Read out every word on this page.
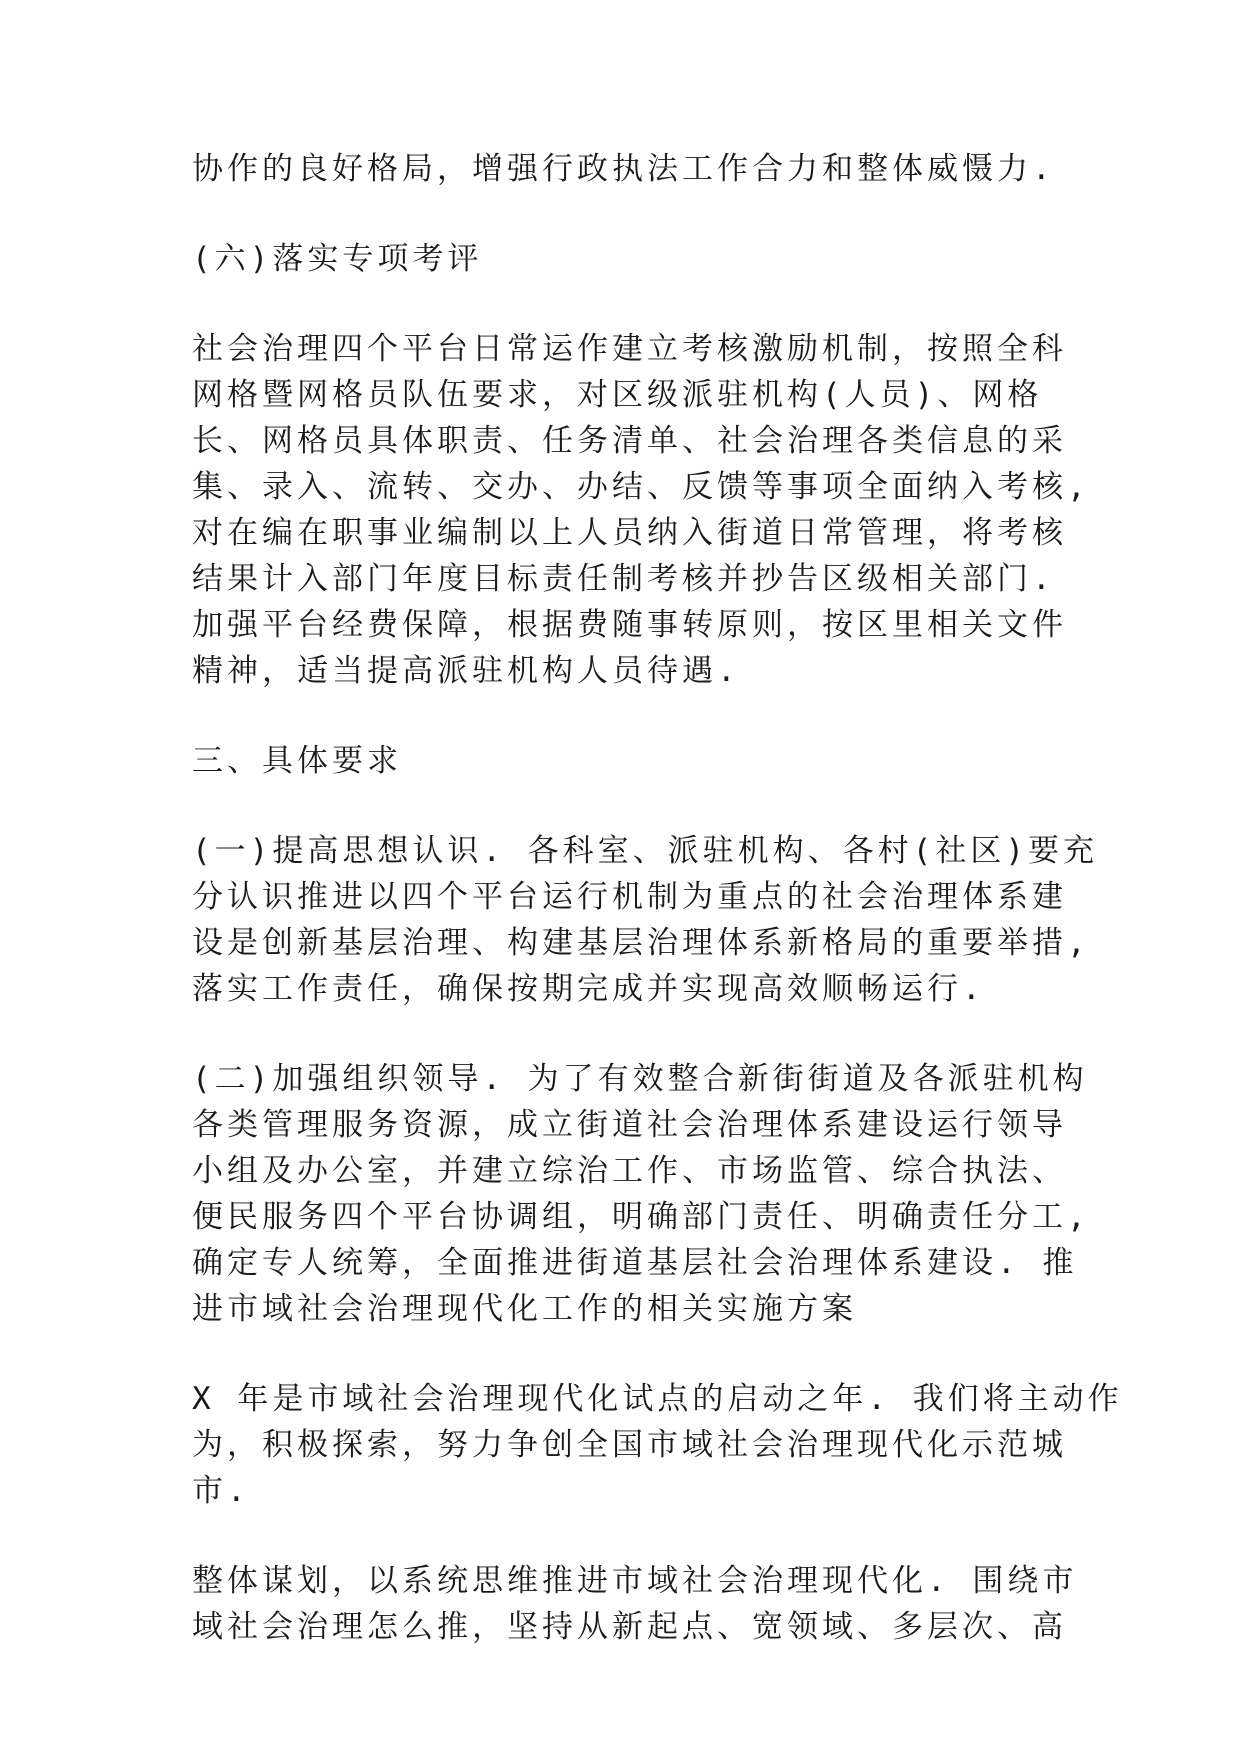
协作的良好格局，增强行政执法工作合力和整体威慑力.
(六)落实专项考评
社会治理四个平台日常运作建立考核激励机制，按照全科
网格暨网格员队伍要求，对区级派驻机构(人员)、网格
长、网格员具体职责、任务清单、社会治理各类信息的采
集、录入、流转、交办、办结、反馈等事项全面纳入考核,
对在编在职事业编制以上人员纳入街道日常管理，将考核
结果计入部门年度目标责任制考核并抄告区级相关部门.
加强平台经费保障，根据费随事转原则，按区里相关文件
精神，适当提高派驻机构人员待遇.
三、具体要求
(一)提高思想认识. 各科室、派驻机构、各村(社区)要充
分认识推进以四个平台运行机制为重点的社会治理体系建
设是创新基层治理、构建基层治理体系新格局的重要举措,
落实工作责任，确保按期完成并实现高效顺畅运行.
(二)加强组织领导. 为了有效整合新街街道及各派驻机构
各类管理服务资源，成立街道社会治理体系建设运行领导
小组及办公室，并建立综治工作、市场监管、综合执法、
便民服务四个平台协调组，明确部门责任、明确责任分工,
确定专人统筹，全面推进街道基层社会治理体系建设. 推
进市域社会治理现代化工作的相关实施方案
X 年是市域社会治理现代化试点的启动之年. 我们将主动作
为，积极探索，努力争创全国市域社会治理现代化示范城
市.
整体谋划，以系统思维推进市域社会治理现代化. 围绕市
域社会治理怎么推，坚持从新起点、宽领域、多层次、高
